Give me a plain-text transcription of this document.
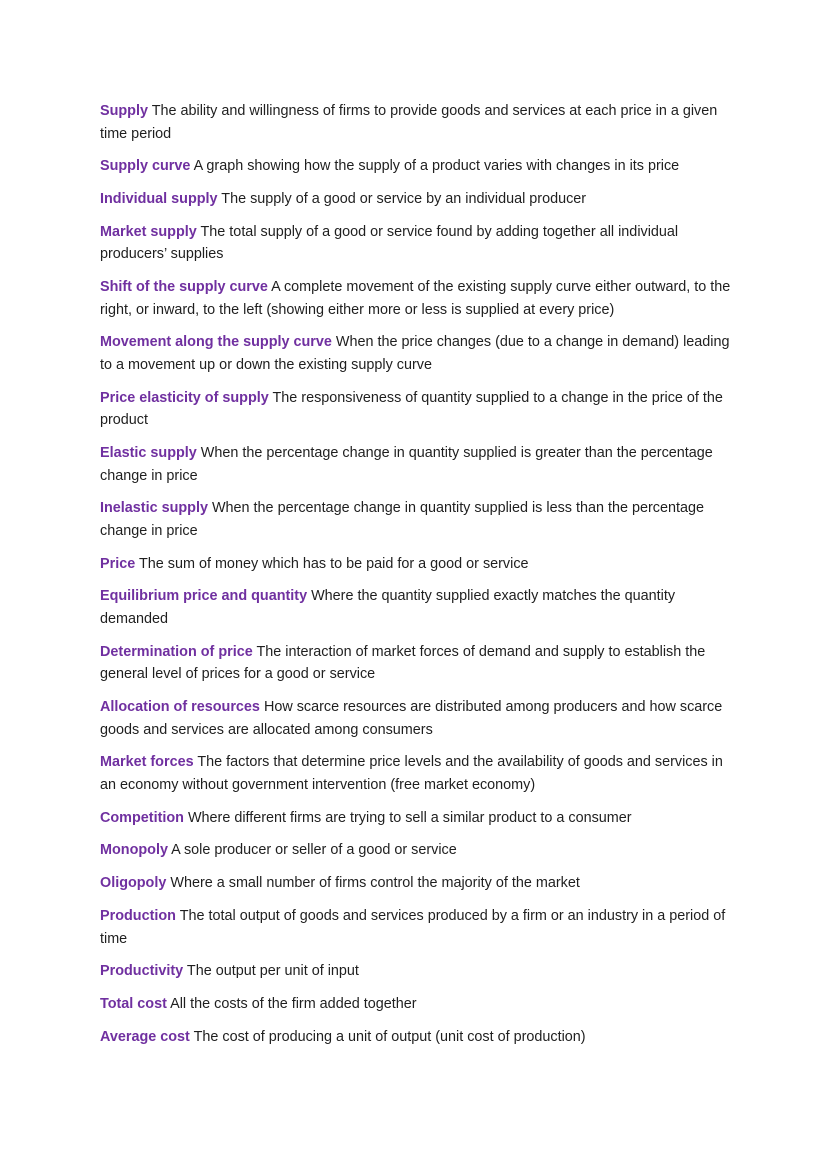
Supply The ability and willingness of firms to provide goods and services at each price in a given time period

Supply curve A graph showing how the supply of a product varies with changes in its price

Individual supply The supply of a good or service by an individual producer

Market supply The total supply of a good or service found by adding together all individual producers’ supplies

Shift of the supply curve A complete movement of the existing supply curve either outward, to the right, or inward, to the left (showing either more or less is supplied at every price)

Movement along the supply curve When the price changes (due to a change in demand) leading to a movement up or down the existing supply curve

Price elasticity of supply The responsiveness of quantity supplied to a change in the price of the product

Elastic supply When the percentage change in quantity supplied is greater than the percentage change in price

Inelastic supply When the percentage change in quantity supplied is less than the percentage change in price

Price The sum of money which has to be paid for a good or service

Equilibrium price and quantity Where the quantity supplied exactly matches the quantity demanded

Determination of price The interaction of market forces of demand and supply to establish the general level of prices for a good or service

Allocation of resources How scarce resources are distributed among producers and how scarce goods and services are allocated among consumers

Market forces The factors that determine price levels and the availability of goods and services in an economy without government intervention (free market economy)

Competition Where different firms are trying to sell a similar product to a consumer

Monopoly A sole producer or seller of a good or service

Oligopoly Where a small number of firms control the majority of the market

Production The total output of goods and services produced by a firm or an industry in a period of time

Productivity The output per unit of input

Total cost All the costs of the firm added together

Average cost The cost of producing a unit of output (unit cost of production)
